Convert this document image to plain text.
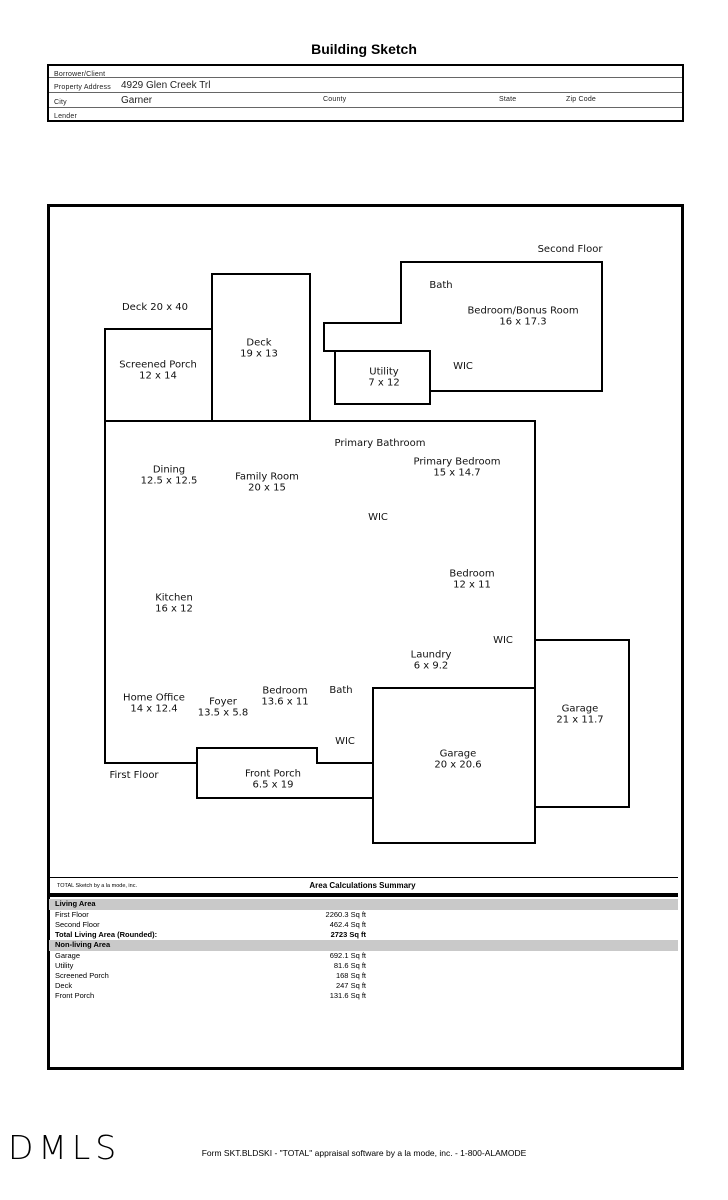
Building Sketch
Borrower/Client
Property Address 4929 Glen Creek Trl
City	Garner	County	State	Zip Code
Lender
Second Floor
Deck 20 x 40
Bath
Bedroom/Bonus Room
16 x 17.3
WIC
Utility
7 x 12
Deck
19 x 13
Screened Porch
12 x 14
Primary Bathroom
Dining
12.5 x 12.5	Family Room
20 x 15
Primary Bedroom
15 x 14.7
WIC
Kitchen
16 x 12
Bedroom
12 x 11
WIC
Laundry
6 x 9.2
Home Office
14 x 12.4
Foyer
13.5 x 5.8
Bedroom
13.6 x 11
Bath
WIC
First Floor	Front Porch
6.5 x 19
Garage
20 x 20.6
Garage
21 x 11.7
TOTAL Sketch by a la mode, inc.	Area Calculations Summary
Living Area
First Floor	2260.3 Sq ft
Second Floor	462.4 Sq ft
Total Living Area (Rounded):	2723 Sq ft
Non-living Area
Garage	692.1 Sq ft
Utility	81.6 Sq ft
Screened Porch	168 Sq ft
Deck	247 Sq ft
Front Porch	131.6 Sq ft
DMLS	Form SKT.BLDSKI - "TOTAL" appraisal software by a la mode, inc. - 1-800-ALAMODE
